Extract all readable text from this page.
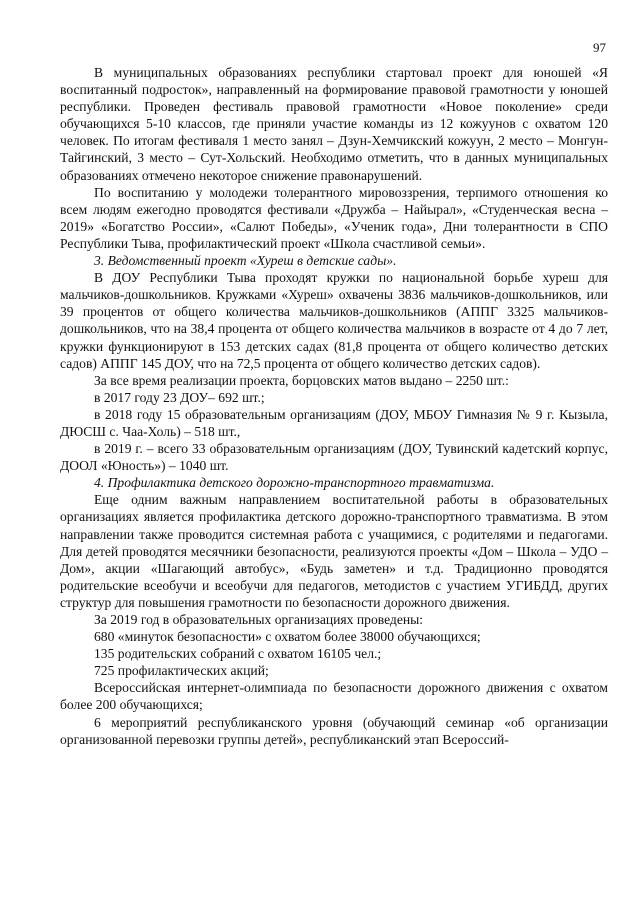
97

В муниципальных образованиях республики стартовал проект для юношей «Я воспитанный подросток», направленный на формирование правовой грамотности у юношей республики. Проведен фестиваль правовой грамотности «Новое поколение» среди обучающихся 5-10 классов, где приняли участие команды из 12 кожуунов с охватом 120 человек. По итогам фестиваля 1 место занял – Дзун-Хемчикский кожуун, 2 место – Монгун-Тайгинский, 3 место – Сут-Хольский. Необходимо отметить, что в данных муниципальных образованиях отмечено некоторое снижение правонарушений.

По воспитанию у молодежи толерантного мировоззрения, терпимого отношения ко всем людям ежегодно проводятся фестивали «Дружба – Найырал», «Студенческая весна – 2019» «Богатство России», «Салют Победы», «Ученик года», Дни толерантности в СПО Республики Тыва, профилактический проект «Школа счастливой семьи».

3. Ведомственный проект «Хуреш в детские сады».

В ДОУ Республики Тыва проходят кружки по национальной борьбе хуреш для мальчиков-дошкольников. Кружками «Хуреш» охвачены 3836 мальчиков-дошкольников, или 39 процентов от общего количества мальчиков-дошкольников (АППГ 3325 мальчиков-дошкольников, что на 38,4 процента от общего количества мальчиков в возрасте от 4 до 7 лет, кружки функционируют в 153 детских садах (81,8 процента от общего количество детских садов) АППГ 145 ДОУ, что на 72,5 процента от общего количество детских садов).

За все время реализации проекта, борцовских матов выдано – 2250 шт.:

в 2017 году 23 ДОУ– 692 шт.;

в 2018 году 15 образовательным организациям (ДОУ, МБОУ Гимназия № 9 г. Кызыла, ДЮСШ с. Чаа-Холь) – 518 шт.,

в 2019 г. – всего 33 образовательным организациям (ДОУ, Тувинский кадетский корпус, ДООЛ «Юность») – 1040 шт.

4. Профилактика детского дорожно-транспортного травматизма.

Еще одним важным направлением воспитательной работы в образовательных организациях является профилактика детского дорожно-транспортного травматизма. В этом направлении также проводится системная работа с учащимися, с родителями и педагогами. Для детей проводятся месячники безопасности, реализуются проекты «Дом – Школа – УДО – Дом», акции «Шагающий автобус», «Будь заметен» и т.д. Традиционно проводятся родительские всеобучи и всеобучи для педагогов, методистов с участием УГИБДД, других структур для повышения грамотности по безопасности дорожного движения.

За 2019 год в образовательных организациях проведены:

680 «минуток безопасности» с охватом более 38000 обучающихся;

135 родительских собраний с охватом 16105 чел.;

725 профилактических акций;

Всероссийская интернет-олимпиада по безопасности дорожного движения с охватом более 200 обучающихся;

6 мероприятий республиканского уровня (обучающий семинар «об организации организованной перевозки группы детей», республиканский этап Всероссий-
